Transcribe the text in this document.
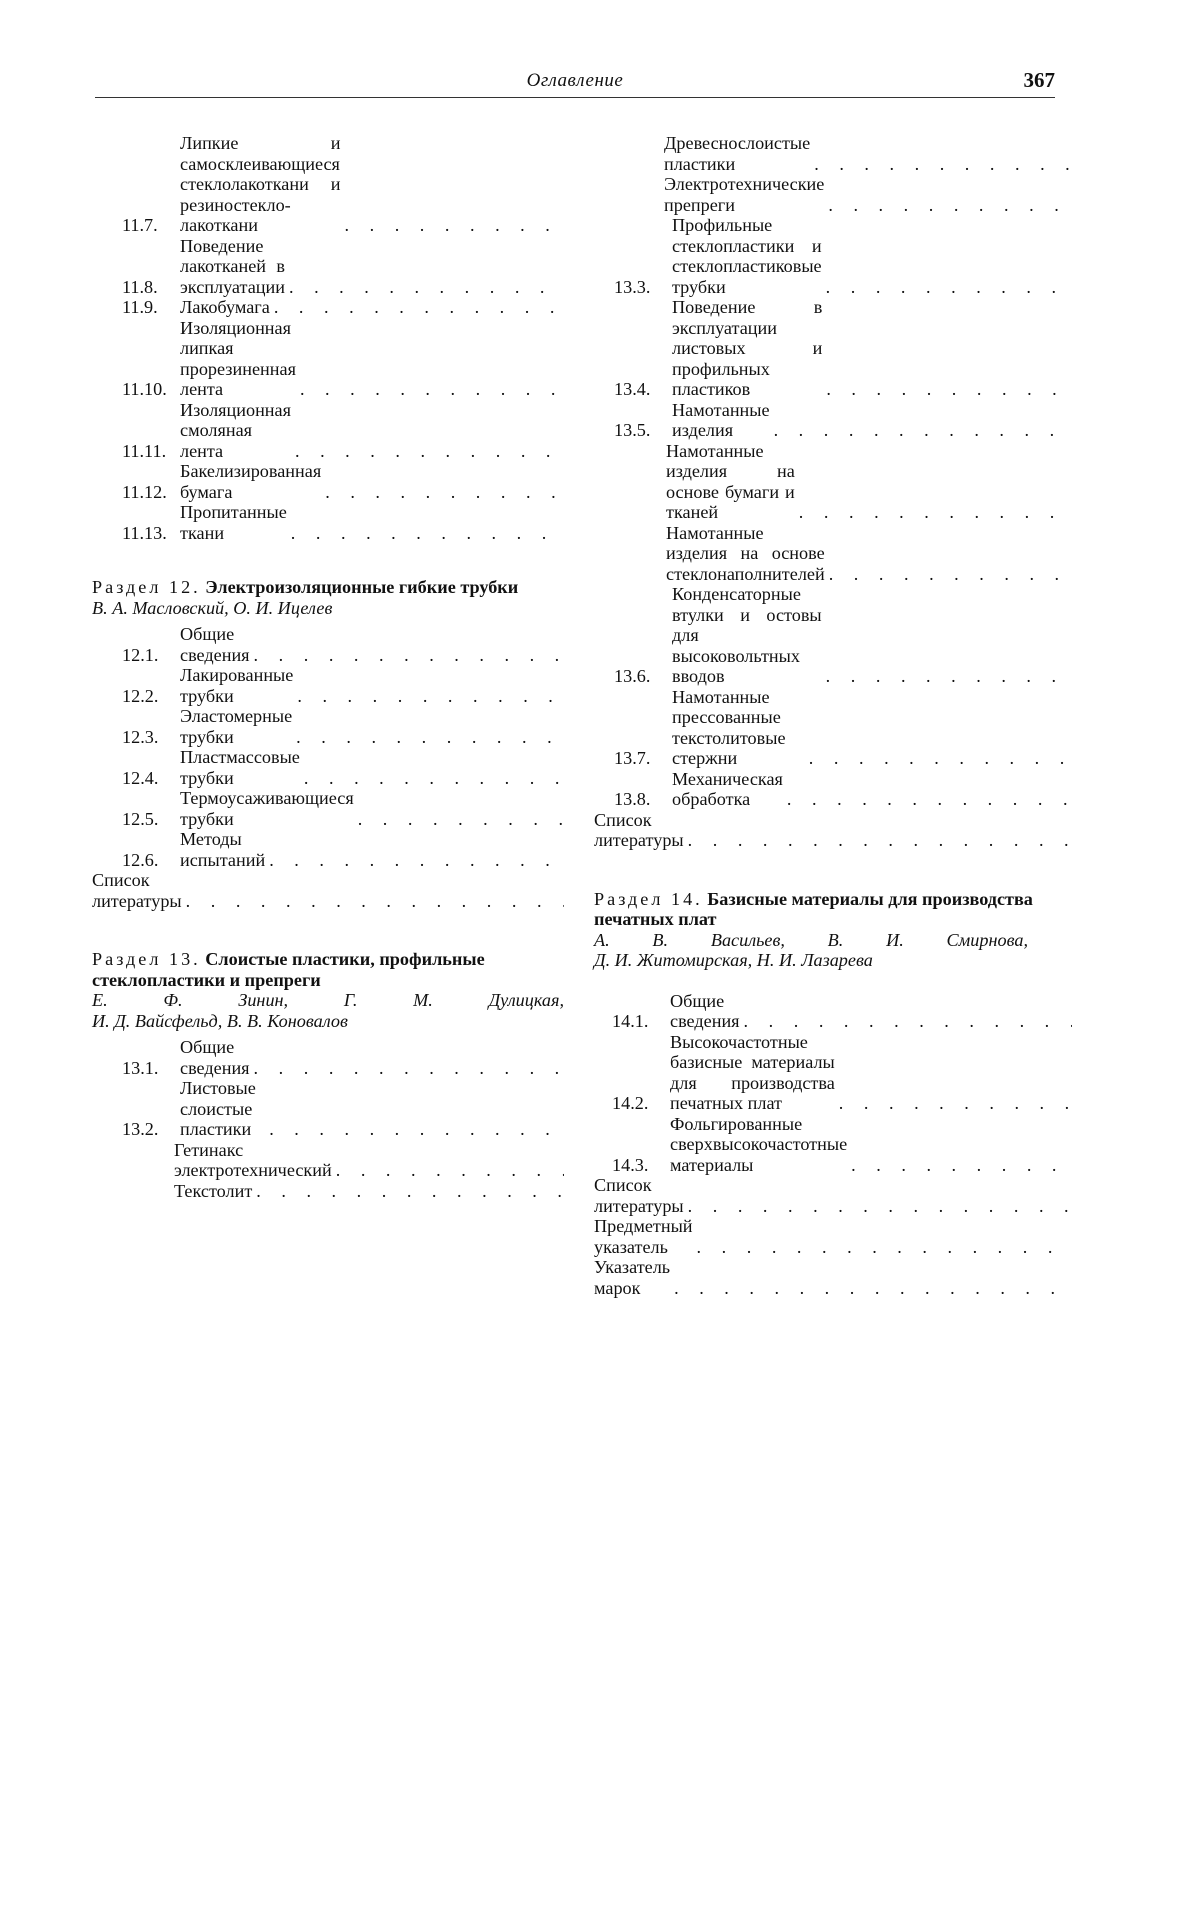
Оглавление	367
11.7.
Липкие и самосклеивающиеся стеклолакоткани и резиностекло-лакоткани
. . .
11.8.
Поведение лакотканей в эксплуатации
. . .
11.9.	Лакобумага
. . .
11.10.
Изоляционная липкая прорезиненная лента
. . .
11.11.
Изоляционная смоляная лента
. . .
11.12.
Бакелизированная бумага
. . .
11.13.
Пропитанные ткани
. . .
Раздел 12. Электроизоляционные гибкие трубки
В. А. Масловский, О. И. Ицелев
12.1.
Общие сведения
. . .
12.2.
Лакированные трубки
. . .
12.3.
Эластомерные трубки
. . .
12.4.
Пластмассовые трубки
. . .
12.5.
Термоусаживающиеся трубки
. . .
12.6.
Методы испытаний
. . .
Список литературы
. . .
Раздел 13. Слоистые пластики, профильные стеклопластики и препреги
Е. Ф. Зинин, Г. М. Дулицкая,
И. Д. Вайсфельд, В. В. Коновалов
13.1.
Общие сведения
. . .
13.2.
Листовые слоистые пластики
. . .
Гетинакс электротехнический
. . .
Текстолит
. . .
Древеснослоистые пластики
. . .
Электротехнические препреги
. . .
13.3.
Профильные стеклопластики и стеклопластиковые трубки
. . .
13.4.
Поведение в эксплуатации листовых и профильных пластиков
. . .
13.5.
Намотанные изделия
. . .
Намотанные изделия на основе бумаги и тканей
. . .
Намотанные изделия на основе стеклонаполнителей
. . .
13.6.
Конденсаторные втулки и остовы для высоковольтных вводов
. . .
13.7.
Намотанные прессованные текстолитовые стержни
. . .
13.8.
Механическая обработка
. . .
Список литературы
. . .
Раздел 14. Базисные материалы для производства печатных плат
А. В. Васильев, В. И. Смирнова,
Д. И. Житомирская, Н. И. Лазарева
14.1.
Общие сведения
. . .
14.2.
Высокочастотные базисные материалы для производства печатных плат
. . .
14.3.
Фольгированные сверхвысокочастотные материалы
. . .
Список литературы
. . .
Предметный указатель
. . .
Указатель марок
. . .
